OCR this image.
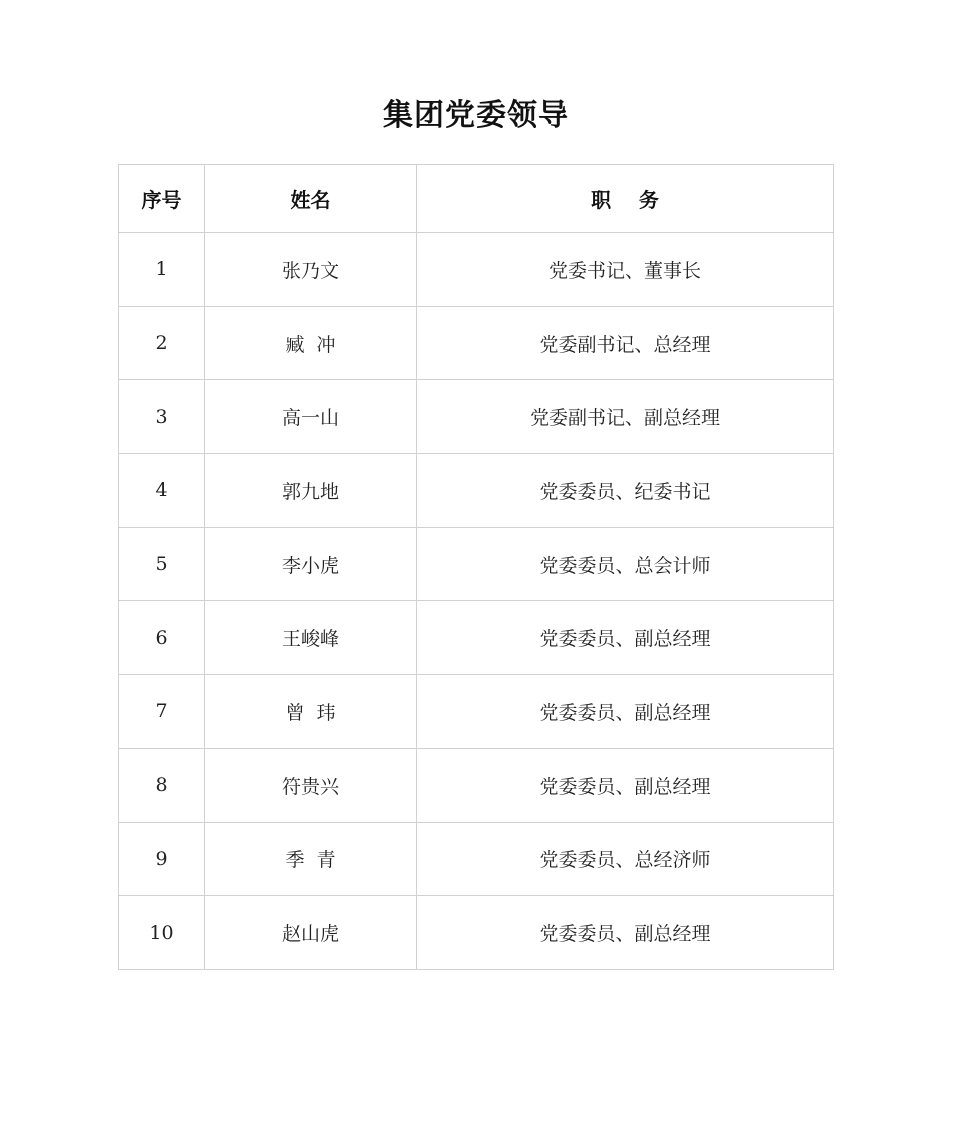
集团党委领导
序号	姓名	职    务
1	张乃文	党委书记、董事长
2	臧  冲	党委副书记、总经理
3	高一山	党委副书记、副总经理
4	郭九地	党委委员、纪委书记
5	李小虎	党委委员、总会计师
6	王峻峰	党委委员、副总经理
7	曾  玮	党委委员、副总经理
8	符贵兴	党委委员、副总经理
9	季  青	党委委员、总经济师
10	赵山虎	党委委员、副总经理
